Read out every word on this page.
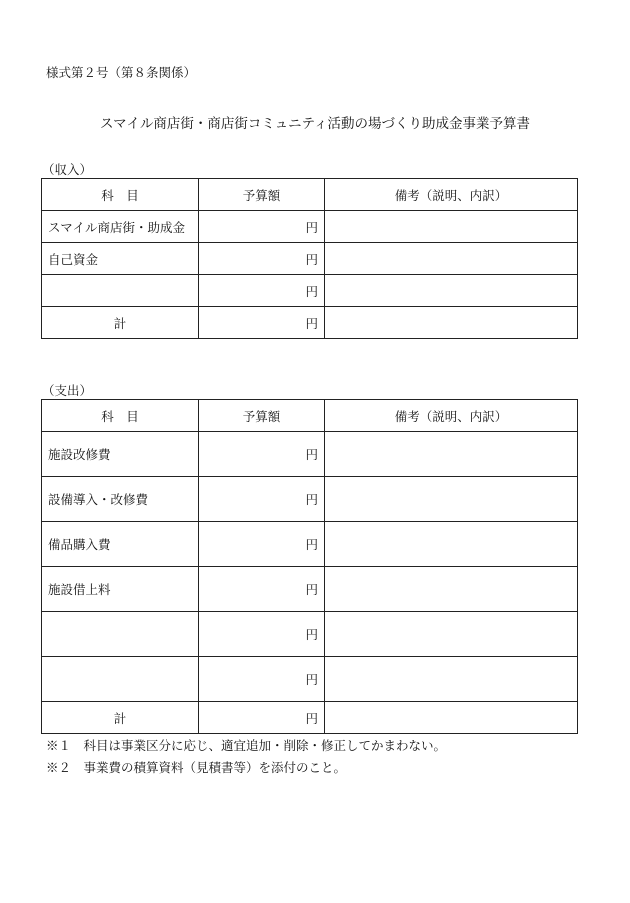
様式第２号（第８条関係）
スマイル商店街・商店街コミュニティ活動の場づくり助成金事業予算書
（収入）
科　目	予算額	備考（説明、内訳）
スマイル商店街・助成金	円	
自己資金	円	
	円	
計	円	
（支出）
科　目	予算額	備考（説明、内訳）
施設改修費	円	
設備導入・改修費	円	
備品購入費	円	
施設借上料	円	
	円	
	円	
計	円	
※１　科目は事業区分に応じ、適宜追加・削除・修正してかまわない。
※２　事業費の積算資料（見積書等）を添付のこと。
